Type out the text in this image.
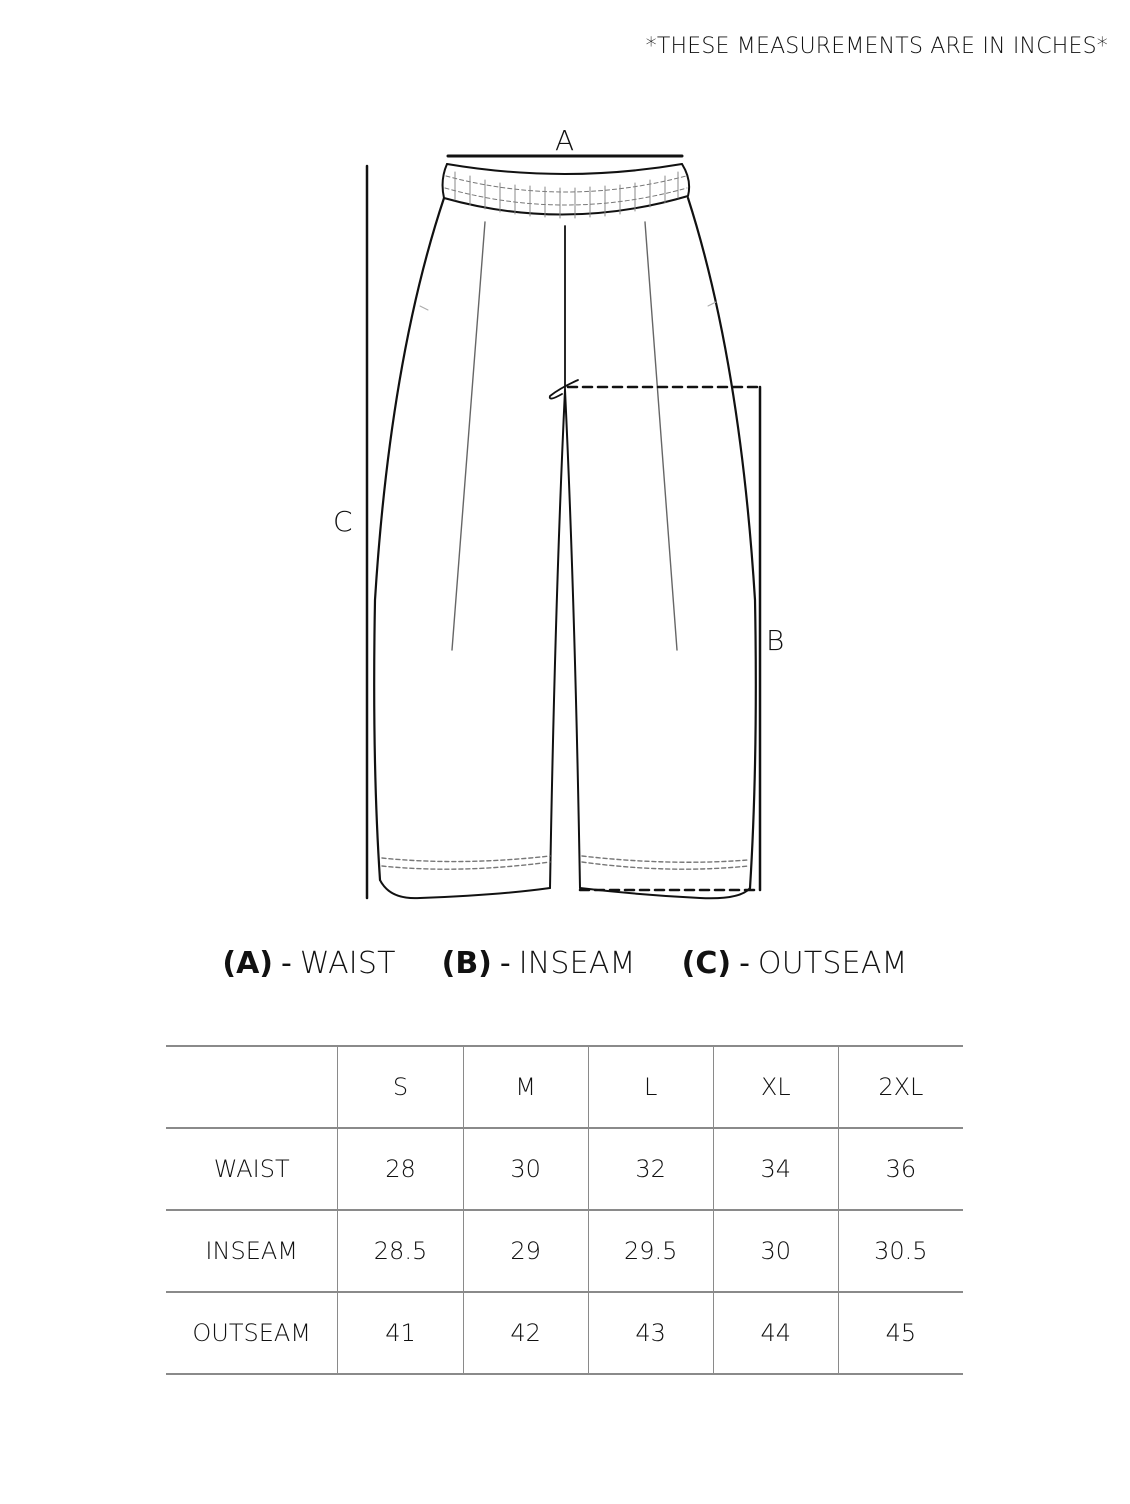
*THESE MEASUREMENTS ARE IN INCHES*
A
C
B
(A) - WAIST (B) - INSEAM (C) - OUTSEAM
	S	M	L	XL	2XL
WAIST	28	30	32	34	36
INSEAM	28.5	29	29.5	30	30.5
OUTSEAM	41	42	43	44	45
